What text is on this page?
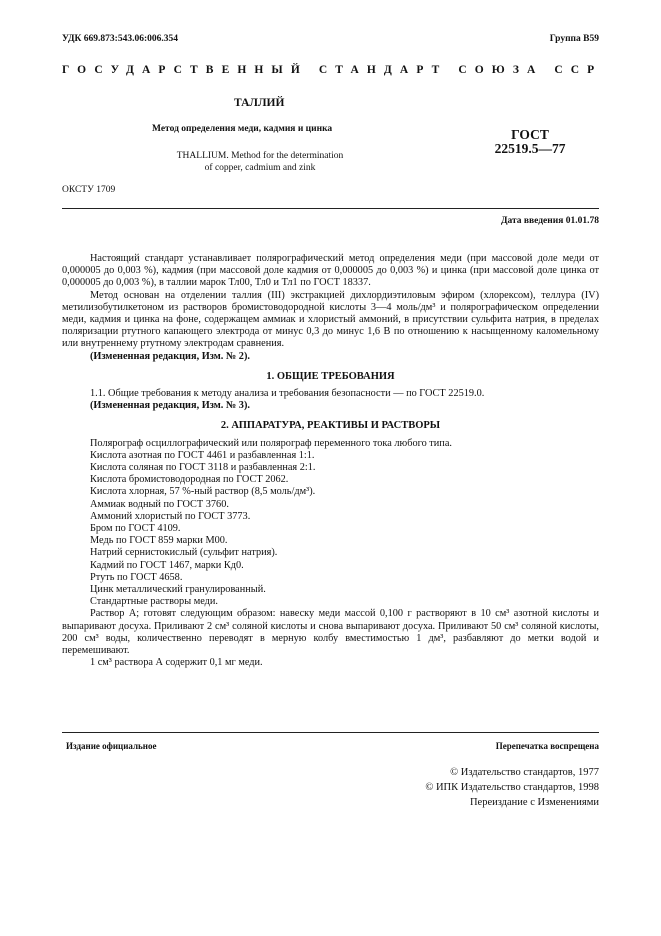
УДК 669.873:543.06:006.354	Группа В59
ГОСУДАРСТВЕННЫЙ СТАНДАРТ СОЮЗА ССР
ТАЛЛИЙ
Метод определения меди, кадмия и цинка
THALLIUM. Method for the determination
of copper, cadmium and zink
ГОСТ
22519.5—77
ОКСТУ 1709
Дата введения 01.01.78

Настоящий стандарт устанавливает полярографический метод определения меди (при массовой доле меди от 0,000005 до 0,003 %), кадмия (при массовой доле кадмия от 0,000005 до 0,003 %) и цинка (при массовой доле цинка от 0,000005 до 0,003 %), в таллии марок Тл00, Тл0 и Тл1 по ГОСТ 18337.

Метод основан на отделении таллия (III) экстракцией дихлордиэтиловым эфиром (хлорексом), теллура (IV) метилизобутилкетоном из растворов бромистоводородной кислоты 3—4 моль/дм³ и полярографическом определении меди, кадмия и цинка на фоне, содержащем аммиак и хлористый аммоний, в присутствии сульфита натрия, в пределах поляризации ртутного капающего электрода от минус 0,3 до минус 1,6 В по отношению к насыщенному каломельному или внутреннему ртутному электродам сравнения.

(Измененная редакция, Изм. № 2).

1. ОБЩИЕ ТРЕБОВАНИЯ

1.1. Общие требования к методу анализа и требования безопасности — по ГОСТ 22519.0.

(Измененная редакция, Изм. № 3).

2. АППАРАТУРА, РЕАКТИВЫ И РАСТВОРЫ

Полярограф осциллографический или полярограф переменного тока любого типа.

Кислота азотная по ГОСТ 4461 и разбавленная 1:1.

Кислота соляная по ГОСТ 3118 и разбавленная 2:1.

Кислота бромистоводородная по ГОСТ 2062.

Кислота хлорная, 57 %-ный раствор (8,5 моль/дм³).

Аммиак водный по ГОСТ 3760.

Аммоний хлористый по ГОСТ 3773.

Бром по ГОСТ 4109.

Медь по ГОСТ 859 марки М00.

Натрий сернистокислый (сульфит натрия).

Кадмий по ГОСТ 1467, марки Кд0.

Ртуть по ГОСТ 4658.

Цинк металлический гранулированный.

Стандартные растворы меди.

Раствор А; готовят следующим образом: навеску меди массой 0,100 г растворяют в 10 см³ азотной кислоты и выпаривают досуха. Приливают 2 см³ соляной кислоты и снова выпаривают досуха. Приливают 50 см³ соляной кислоты, 200 см³ воды, количественно переводят в мерную колбу вместимостью 1 дм³, разбавляют до метки водой и перемешивают.

1 см³ раствора А содержит 0,1 мг меди.

Издание официальное	Перепечатка воспрещена
© Издательство стандартов, 1977
© ИПК Издательство стандартов, 1998
Переиздание с Изменениями
